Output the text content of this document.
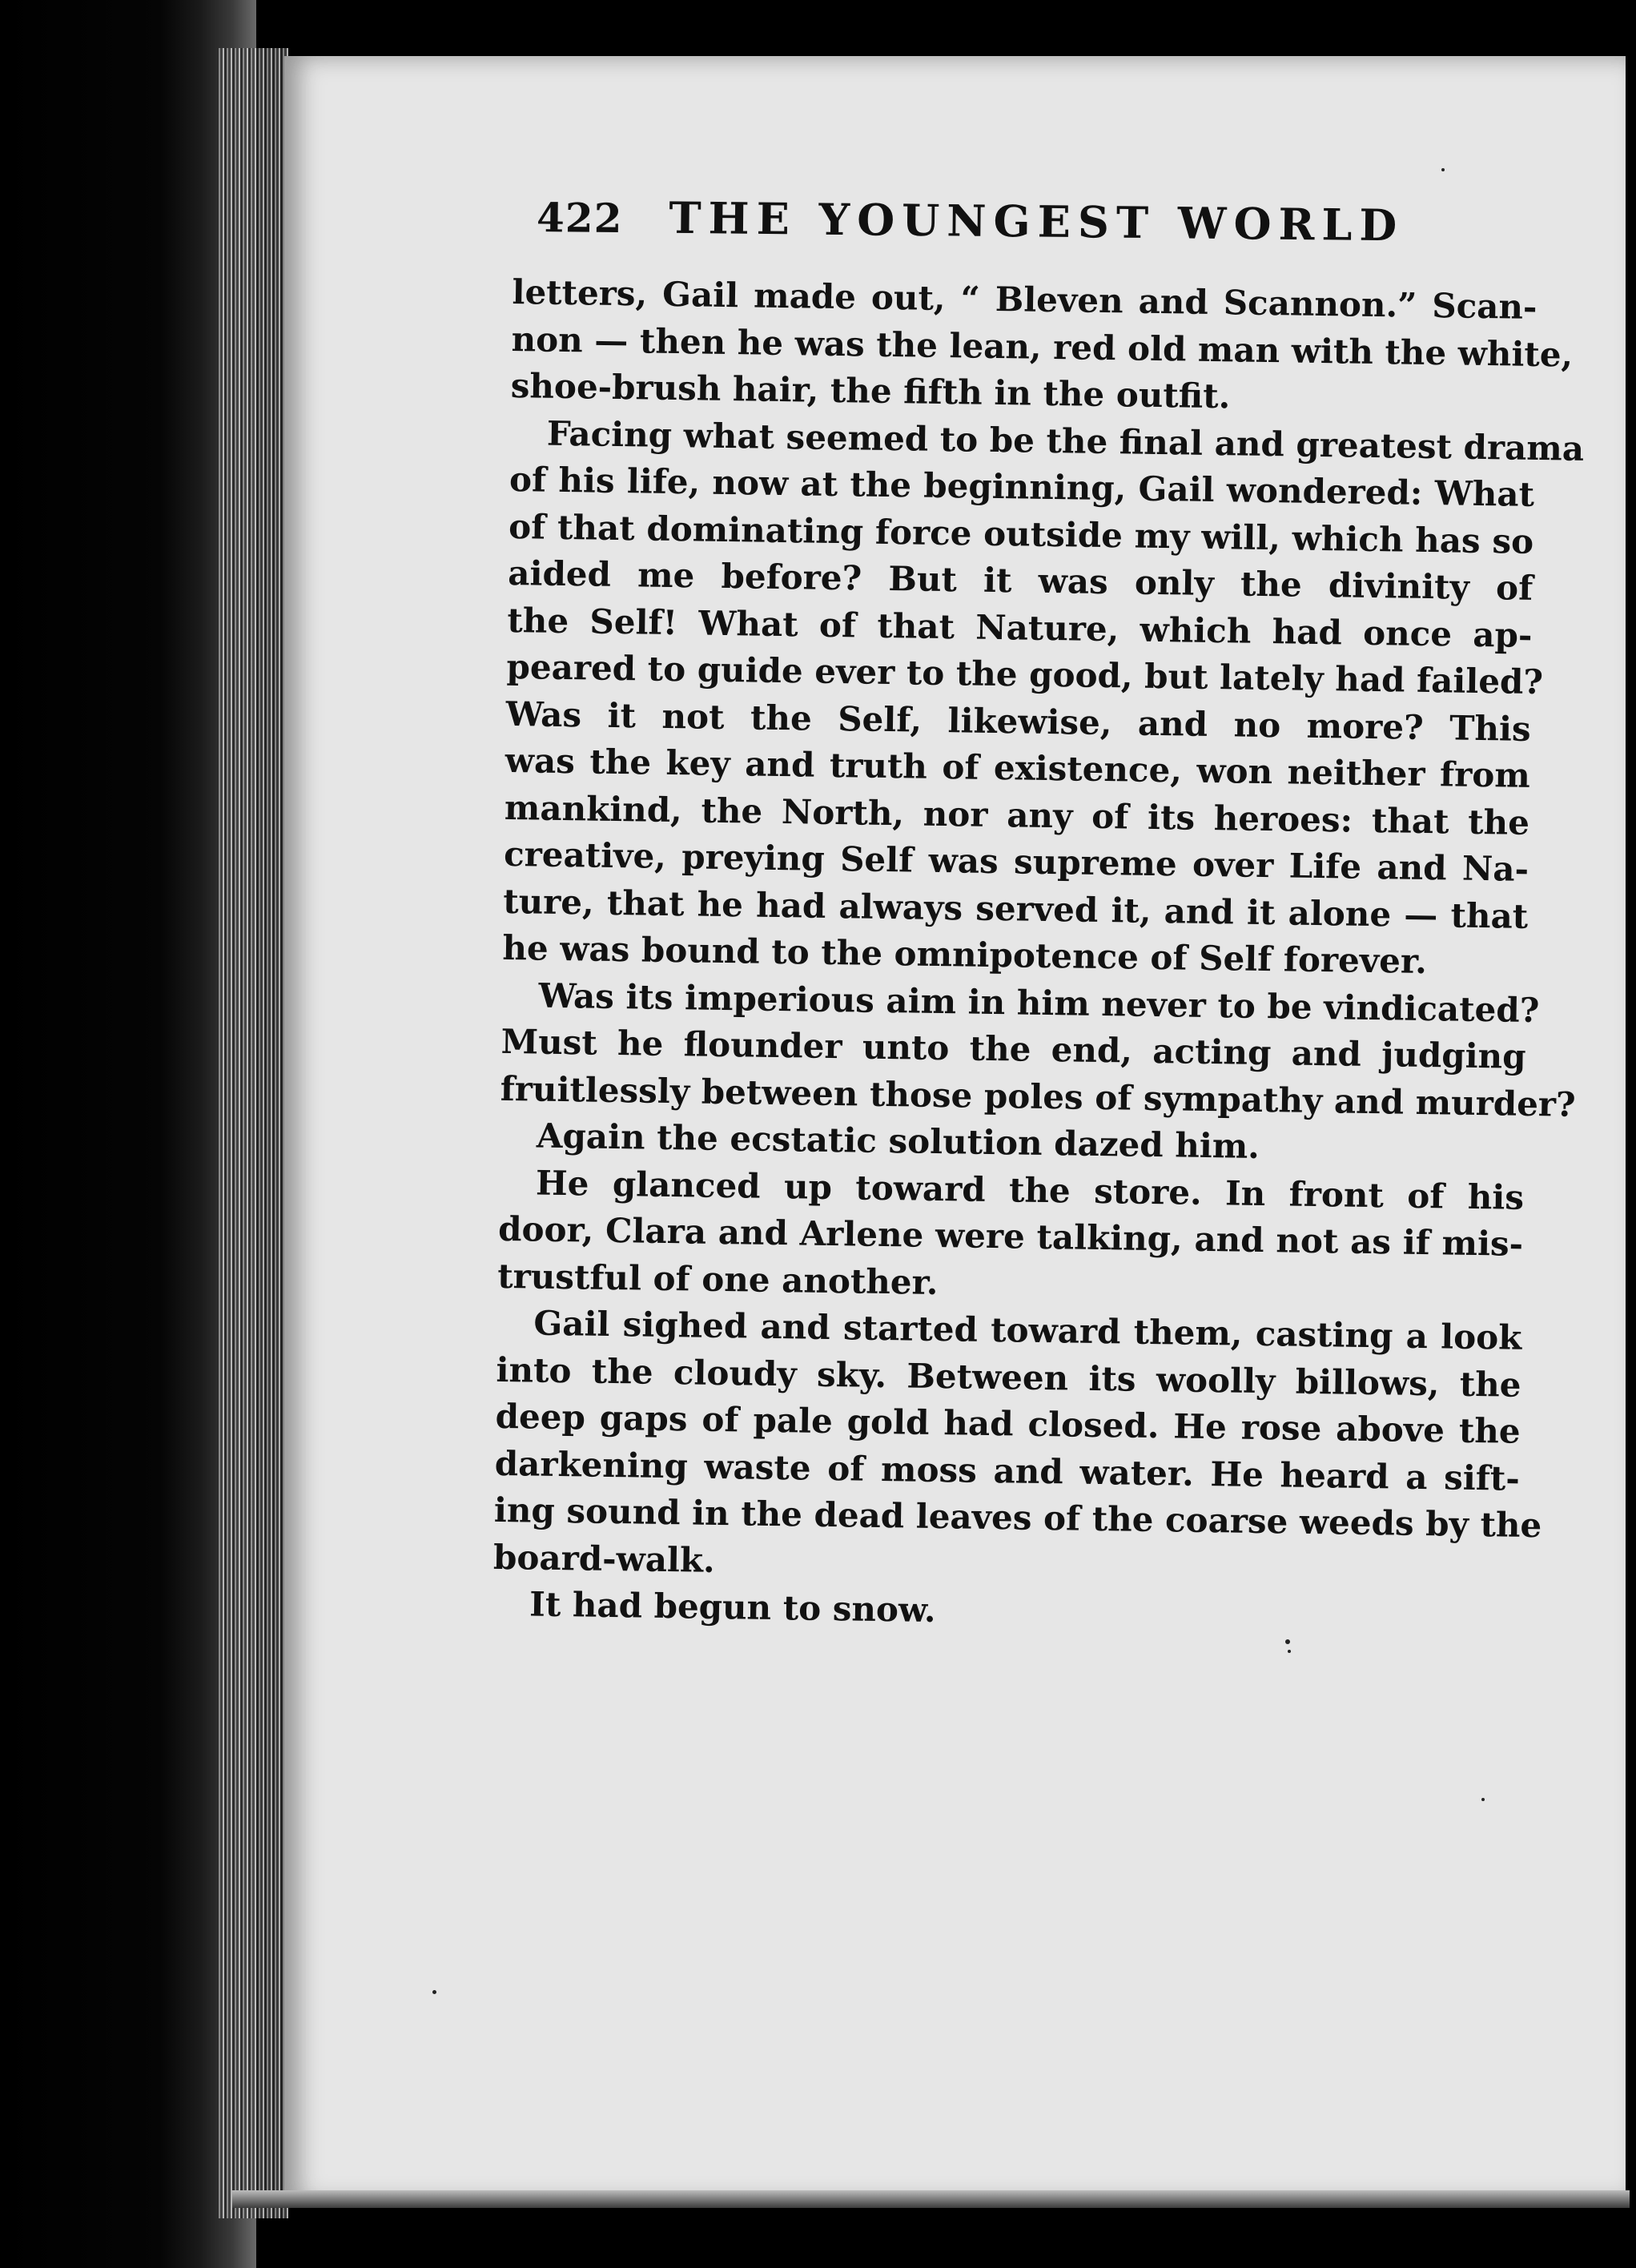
422 THE YOUNGEST WORLD
letters, Gail made out, “ Bleven and Scannon.” Scan-
non — then he was the lean, red old man with the white,
shoe-brush hair, the fifth in the outfit.
Facing what seemed to be the final and greatest drama
of his life, now at the beginning, Gail wondered: What
of that dominating force outside my will, which has so
aided me before? But it was only the divinity of
the Self! What of that Nature, which had once ap-
peared to guide ever to the good, but lately had failed?
Was it not the Self, likewise, and no more? This
was the key and truth of existence, won neither from
mankind, the North, nor any of its heroes: that the
creative, preying Self was supreme over Life and Na-
ture, that he had always served it, and it alone — that
he was bound to the omnipotence of Self forever.
Was its imperious aim in him never to be vindicated?
Must he flounder unto the end, acting and judging
fruitlessly between those poles of sympathy and murder?
Again the ecstatic solution dazed him.
He glanced up toward the store. In front of his
door, Clara and Arlene were talking, and not as if mis-
trustful of one another.
Gail sighed and started toward them, casting a look
into the cloudy sky. Between its woolly billows, the
deep gaps of pale gold had closed. He rose above the
darkening waste of moss and water. He heard a sift-
ing sound in the dead leaves of the coarse weeds by the
board-walk.
It had begun to snow.
